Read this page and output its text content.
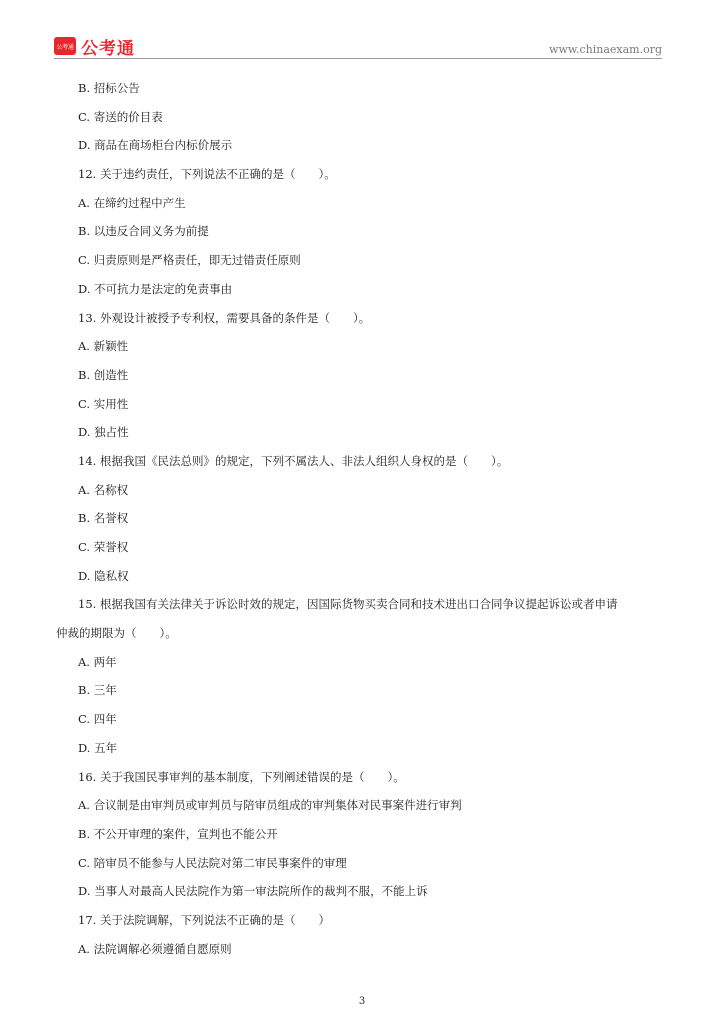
公考通 公考通	www.chinaexam.org
B. 招标公告
C. 寄送的价目表
D. 商品在商场柜台内标价展示
12. 关于违约责任，下列说法不正确的是（　　）。
A. 在缔约过程中产生
B. 以违反合同义务为前提
C. 归责原则是严格责任，即无过错责任原则
D. 不可抗力是法定的免责事由
13. 外观设计被授予专利权，需要具备的条件是（　　）。
A. 新颖性
B. 创造性
C. 实用性
D. 独占性
14. 根据我国《民法总则》的规定，下列不属法人、非法人组织人身权的是（　　）。
A. 名称权
B. 名誉权
C. 荣誉权
D. 隐私权
15. 根据我国有关法律关于诉讼时效的规定，因国际货物买卖合同和技术进出口合同争议提起诉讼或者申请
仲裁的期限为（　　）。
A. 两年
B. 三年
C. 四年
D. 五年
16. 关于我国民事审判的基本制度，下列阐述错误的是（　　）。
A. 合议制是由审判员或审判员与陪审员组成的审判集体对民事案件进行审判
B. 不公开审理的案件，宣判也不能公开
C. 陪审员不能参与人民法院对第二审民事案件的审理
D. 当事人对最高人民法院作为第一审法院所作的裁判不服，不能上诉
17. 关于法院调解，下列说法不正确的是（　　）
A. 法院调解必须遵循自愿原则
3
